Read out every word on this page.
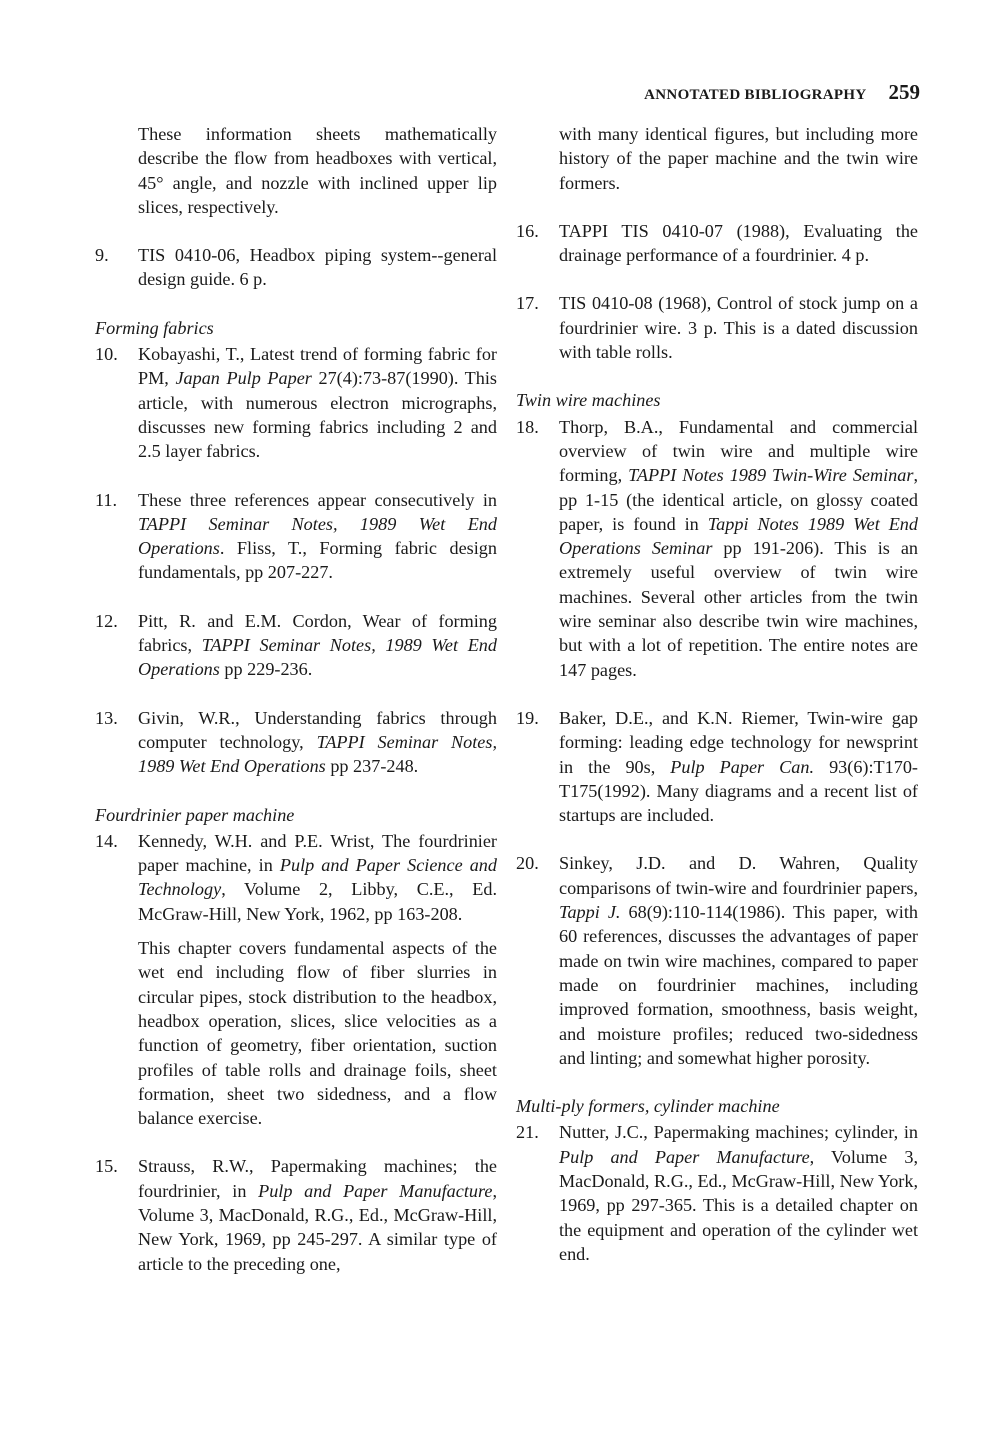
ANNOTATED BIBLIOGRAPHY 259

These information sheets mathematically describe the flow from headboxes with vertical, 45° angle, and nozzle with inclined upper lip slices, respectively.

9.	TIS 0410-06, Headbox piping system--general design guide. 6 p.
Forming fabrics
10.	Kobayashi, T., Latest trend of forming fabric for PM, Japan Pulp Paper 27(4):73-87(1990). This article, with numerous electron micrographs, discusses new forming fabrics including 2 and 2.5 layer fabrics.
11.	These three references appear consecutively in TAPPI Seminar Notes, 1989 Wet End Operations. Fliss, T., Forming fabric design fundamentals, pp 207-227.
12.	Pitt, R. and E.M. Cordon, Wear of forming fabrics, TAPPI Seminar Notes, 1989 Wet End Operations pp 229-236.
13.	Givin, W.R., Understanding fabrics through computer technology, TAPPI Seminar Notes, 1989 Wet End Operations pp 237-248.
Fourdrinier paper machine
14.	Kennedy, W.H. and P.E. Wrist, The fourdrinier paper machine, in Pulp and Paper Science and Technology, Volume 2, Libby, C.E., Ed. McGraw-Hill, New York, 1962, pp 163-208.

This chapter covers fundamental aspects of the wet end including flow of fiber slurries in circular pipes, stock distribution to the headbox, headbox operation, slices, slice velocities as a function of geometry, fiber orientation, suction profiles of table rolls and drainage foils, sheet formation, sheet two sidedness, and a flow balance exercise.

15.	Strauss, R.W., Papermaking machines; the fourdrinier, in Pulp and Paper Manufacture, Volume 3, MacDonald, R.G., Ed., McGraw-Hill, New York, 1969, pp 245-297. A similar type of article to the preceding one,

with many identical figures, but including more history of the paper machine and the twin wire formers.

16.	TAPPI TIS 0410-07 (1988), Evaluating the drainage performance of a fourdrinier. 4 p.
17.	TIS 0410-08 (1968), Control of stock jump on a fourdrinier wire. 3 p. This is a dated discussion with table rolls.
Twin wire machines
18.	Thorp, B.A., Fundamental and commercial overview of twin wire and multiple wire forming, TAPPI Notes 1989 Twin-Wire Seminar, pp 1-15 (the identical article, on glossy coated paper, is found in Tappi Notes 1989 Wet End Operations Seminar pp 191-206). This is an extremely useful overview of twin wire machines. Several other articles from the twin wire seminar also describe twin wire machines, but with a lot of repetition. The entire notes are 147 pages.
19.	Baker, D.E., and K.N. Riemer, Twin-wire gap forming: leading edge technology for newsprint in the 90s, Pulp Paper Can. 93(6):T170-T175(1992). Many diagrams and a recent list of startups are included.
20.	Sinkey, J.D. and D. Wahren, Quality comparisons of twin-wire and fourdrinier papers, Tappi J. 68(9):110-114(1986). This paper, with 60 references, discusses the advantages of paper made on twin wire machines, compared to paper made on fourdrinier machines, including improved formation, smoothness, basis weight, and moisture profiles; reduced two-sidedness and linting; and somewhat higher porosity.
Multi-ply formers, cylinder machine
21.	Nutter, J.C., Papermaking machines; cylinder, in Pulp and Paper Manufacture, Volume 3, MacDonald, R.G., Ed., McGraw-Hill, New York, 1969, pp 297-365. This is a detailed chapter on the equipment and operation of the cylinder wet end.
